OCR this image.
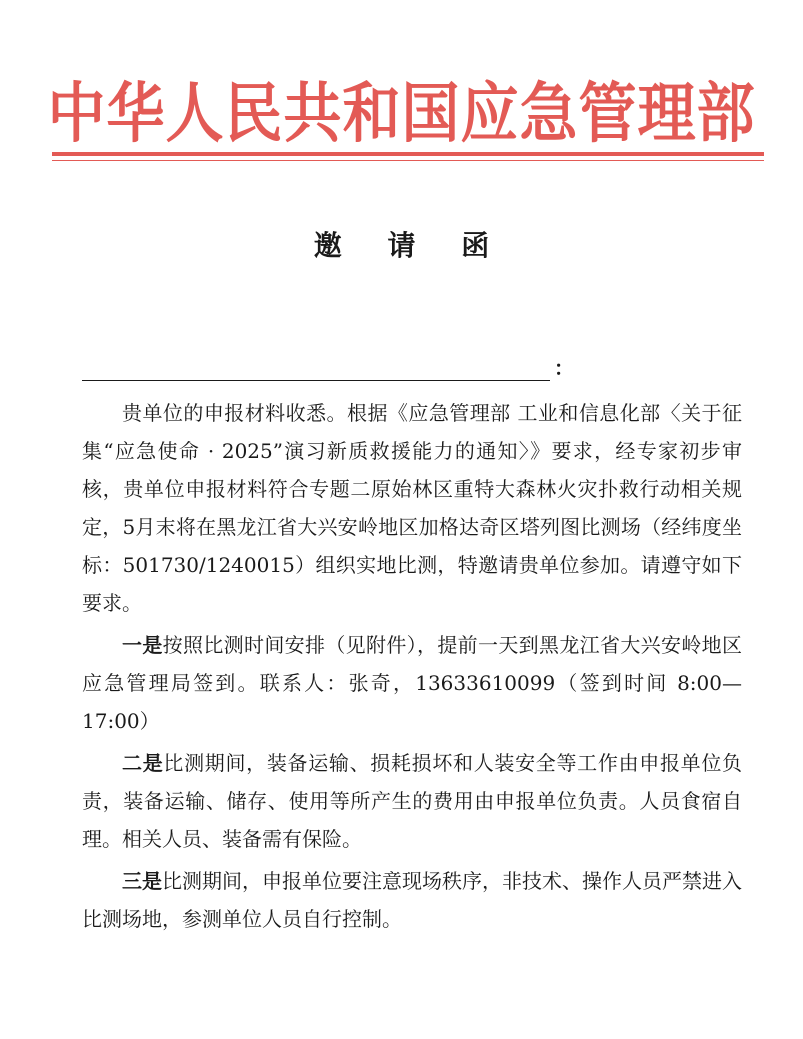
中华人民共和国应急管理部
邀 请 函
：

贵单位的申报材料收悉。根据《应急管理部 工业和信息化部〈关于征集“应急使命 · 2025”演习新质救援能力的通知〉》要求，经专家初步审核，贵单位申报材料符合专题二原始林区重特大森林火灾扑救行动相关规定，5月末将在黑龙江省大兴安岭地区加格达奇区塔列图比测场（经纬度坐标：501730/1240015）组织实地比测，特邀请贵单位参加。请遵守如下要求。

一是按照比测时间安排（见附件），提前一天到黑龙江省大兴安岭地区应急管理局签到。联系人：张奇，13633610099（签到时间 8:00—17:00）

二是比测期间，装备运输、损耗损坏和人装安全等工作由申报单位负责，装备运输、储存、使用等所产生的费用由申报单位负责。人员食宿自理。相关人员、装备需有保险。

三是比测期间，申报单位要注意现场秩序，非技术、操作人员严禁进入比测场地，参测单位人员自行控制。
